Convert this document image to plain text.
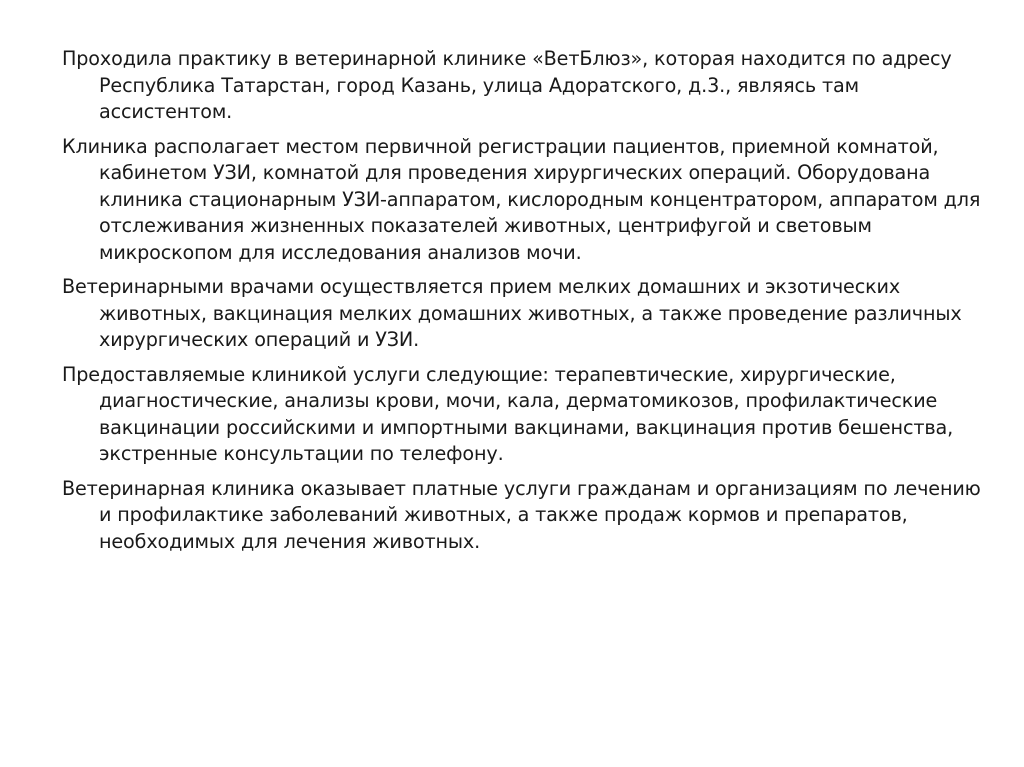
Проходила практику в ветеринарной клинике «ВетБлюз», которая находится по адресу Республика Татарстан, город Казань, улица Адоратского, д.3., являясь там ассистентом.

Клиника располагает местом первичной регистрации пациентов, приемной комнатой, кабинетом УЗИ, комнатой для проведения хирургических операций. Оборудована клиника стационарным УЗИ-аппаратом, кислородным концентратором, аппаратом для отслеживания жизненных показателей животных, центрифугой и световым микроскопом для исследования анализов мочи.

Ветеринарными врачами осуществляется прием мелких домашних и экзотических животных, вакцинация мелких домашних животных, а также проведение различных хирургических операций и УЗИ.

Предоставляемые клиникой услуги следующие: терапевтические, хирургические, диагностические, анализы крови, мочи, кала, дерматомикозов, профилактические вакцинации российскими и импортными вакцинами, вакцинация против бешенства, экстренные консультации по телефону.

Ветеринарная клиника оказывает платные услуги гражданам и организациям по лечению и профилактике заболеваний животных, а также продаж кормов и препаратов, необходимых для лечения животных.
